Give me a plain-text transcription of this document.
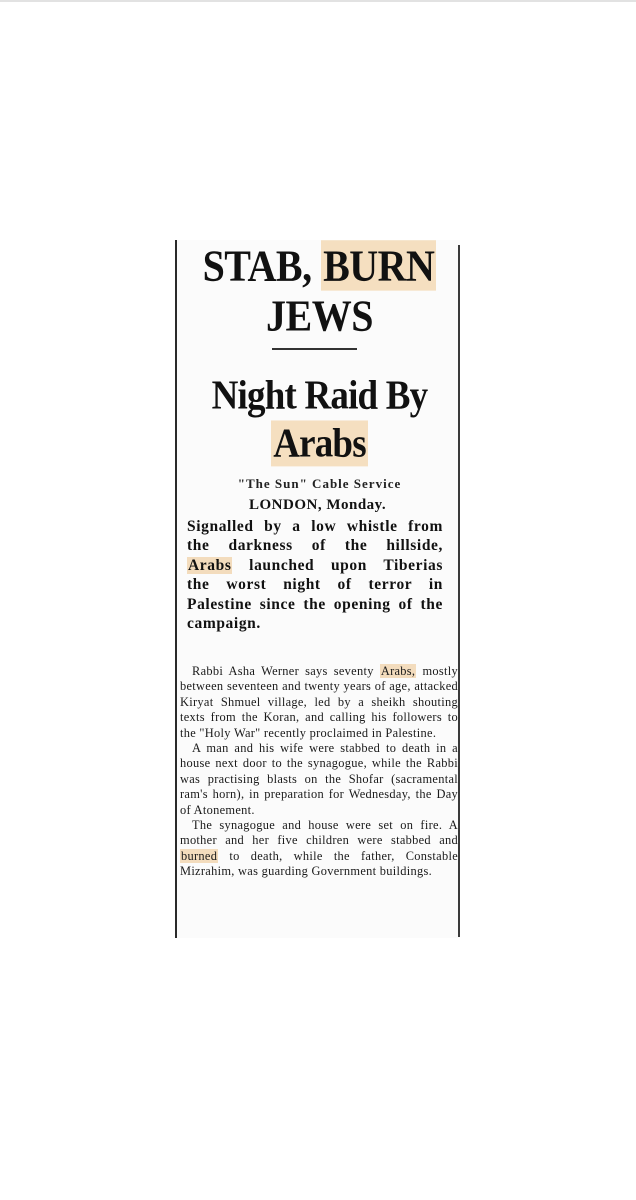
STAB, BURN
JEWS
Night Raid By
Arabs
"The Sun" Cable Service
LONDON, Monday.
Signalled by a low whistle from the darkness of the hillside, Arabs launched upon Tiberias the worst night of terror in Palestine since the opening of the campaign.

Rabbi Asha Werner says seventy Arabs, mostly between seventeen and twenty years of age, attacked Kiryat Shmuel village, led by a sheikh shouting texts from the Koran, and calling his followers to the "Holy War" recently proclaimed in Palestine.

A man and his wife were stabbed to death in a house next door to the synagogue, while the Rabbi was practising blasts on the Shofar (sacramental ram's horn), in preparation for Wednesday, the Day of Atonement.

The synagogue and house were set on fire. A mother and her five children were stabbed and burned to death, while the father, Constable Mizrahim, was guarding Government buildings.
